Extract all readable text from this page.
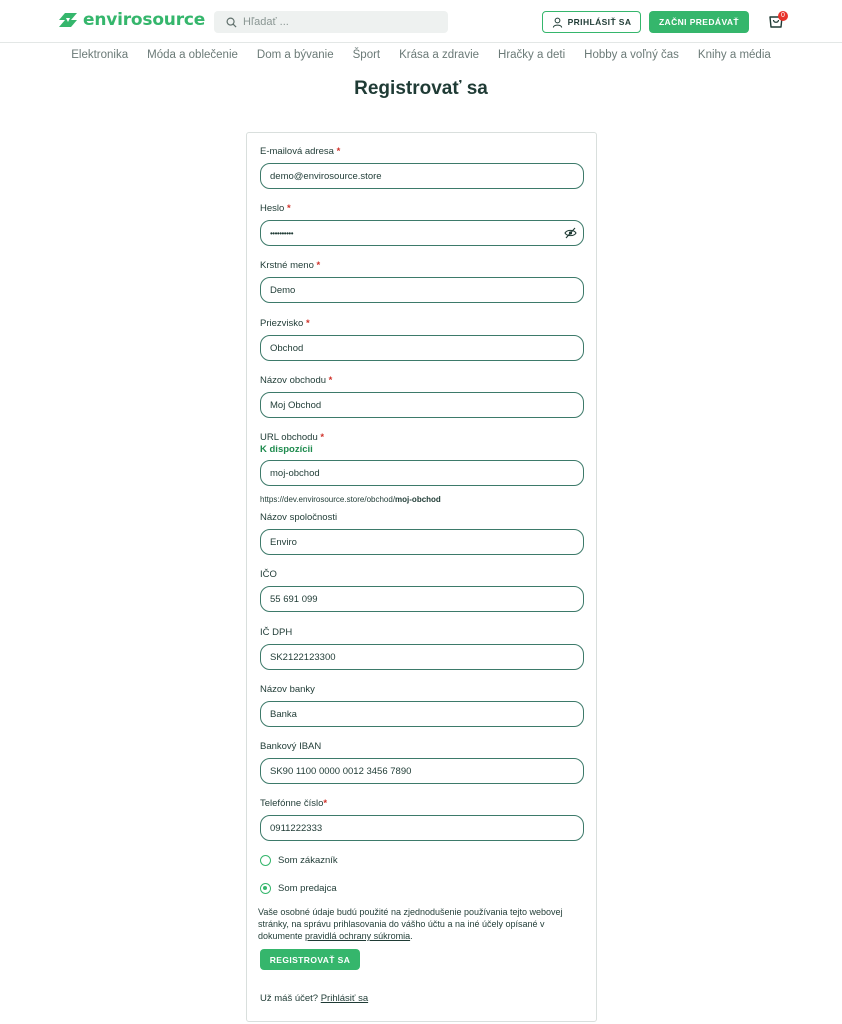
envirosource
Hľadať ...	PRIHLÁSIŤ SA	ZAČNI PREDÁVAŤ
0
Elektronika	Móda a oblečenie	Dom a bývanie	Šport	Krása a zdravie	Hračky a deti	Hobby a voľný čas	Knihy a média
Registrovať sa
E-mailová adresa *
demo@envirosource.store
Heslo *
••••••••••
Krstné meno *
Demo
Priezvisko *
Obchod
Názov obchodu *
Moj Obchod
URL obchodu *
K dispozícii
moj-obchod
https://dev.envirosource.store/obchod/moj-obchod
Názov spoločnosti
Enviro
IČO
55 691 099
IČ DPH
SK2122123300
Názov banky
Banka
Bankový IBAN
SK90 1100 0000 0012 3456 7890
Telefónne číslo*
0911222333
Som zákazník
Som predajca
Vaše osobné údaje budú použité na zjednodušenie používania tejto webovej stránky, na správu prihlasovania do vášho účtu a na iné účely opísané v dokumente pravidlá ochrany súkromia.
REGISTROVAŤ SA
Už máš účet? Prihlásiť sa
